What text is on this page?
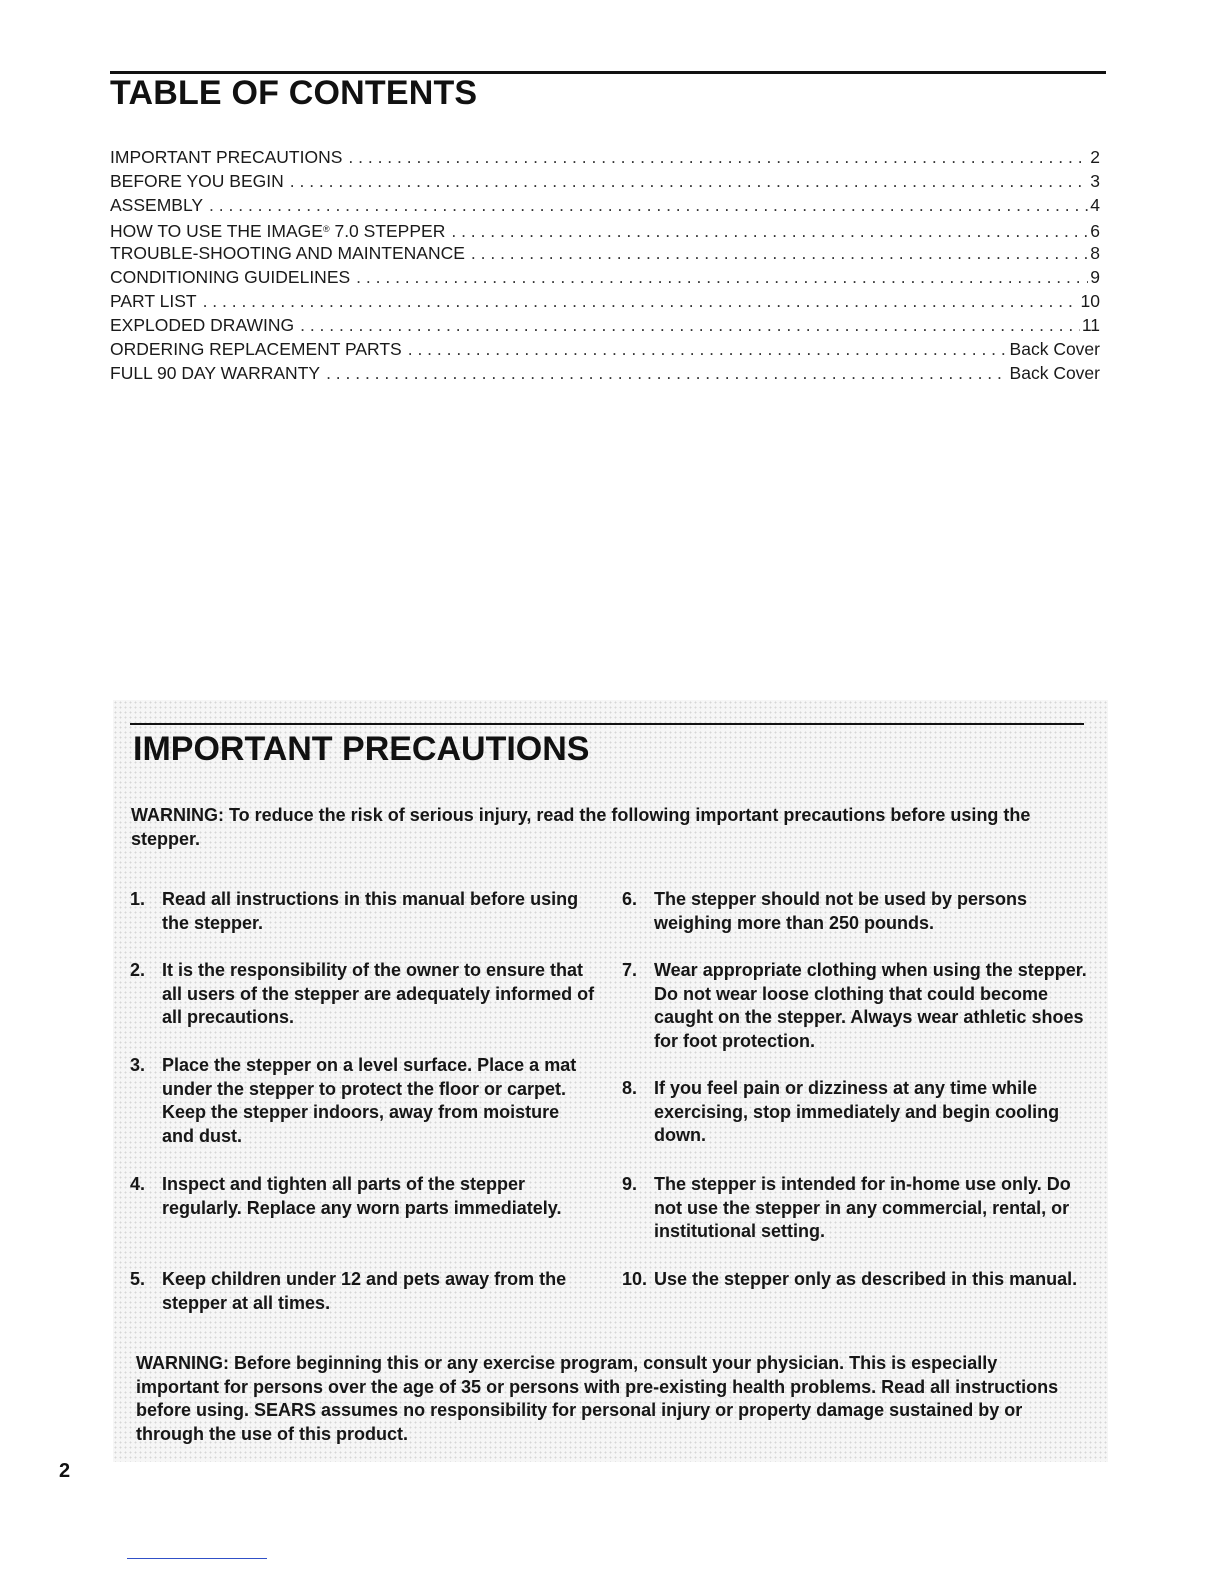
TABLE OF CONTENTS
IMPORTANT PRECAUTIONS . . .	2
BEFORE YOU BEGIN . . .	3
ASSEMBLY . . .	4
HOW TO USE THE IMAGE® 7.0 STEPPER . . .	6
TROUBLE-SHOOTING AND MAINTENANCE . . .	8
CONDITIONING GUIDELINES . . .	9
PART LIST . . .	10
EXPLODED DRAWING . . .	11
ORDERING REPLACEMENT PARTS . . .	Back Cover
FULL 90 DAY WARRANTY . . .	Back Cover
IMPORTANT PRECAUTIONS

WARNING: To reduce the risk of serious injury, read the following important precautions before using the stepper.

1. Read all instructions in this manual before using the stepper.
2. It is the responsibility of the owner to ensure that all users of the stepper are adequately informed of all precautions.
3. Place the stepper on a level surface. Place a mat under the stepper to protect the floor or carpet. Keep the stepper indoors, away from moisture and dust.
4. Inspect and tighten all parts of the stepper regularly. Replace any worn parts immediately.
5. Keep children under 12 and pets away from the stepper at all times.
6. The stepper should not be used by persons weighing more than 250 pounds.
7. Wear appropriate clothing when using the stepper. Do not wear loose clothing that could become caught on the stepper. Always wear athletic shoes for foot protection.
8. If you feel pain or dizziness at any time while exercising, stop immediately and begin cooling down.
9. The stepper is intended for in-home use only. Do not use the stepper in any commercial, rental, or institutional setting.
10. Use the stepper only as described in this manual.

WARNING: Before beginning this or any exercise program, consult your physician. This is especially important for persons over the age of 35 or persons with pre-existing health problems. Read all instructions before using. SEARS assumes no responsibility for personal injury or property damage sustained by or through the use of this product.

2
